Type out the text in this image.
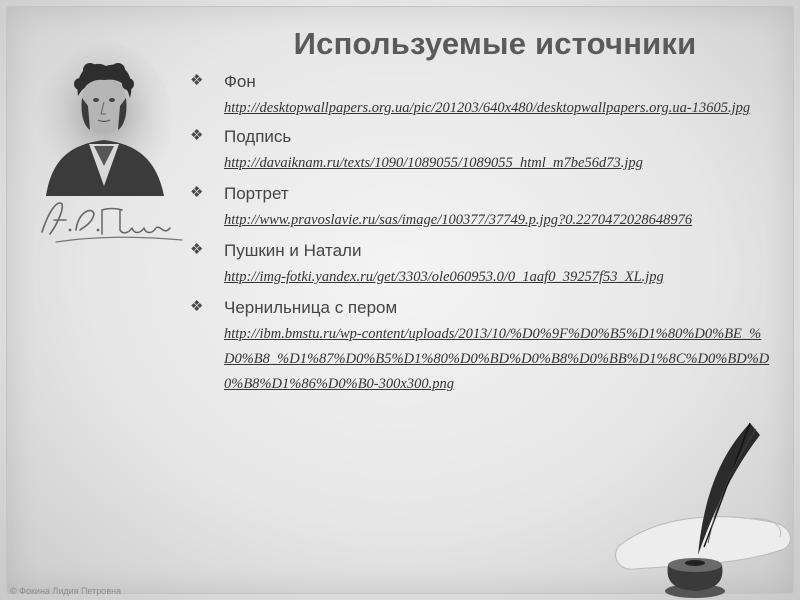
Используемые источники
❖ Фон
http://desktopwallpapers.org.ua/pic/201203/640x480/desktopwallpapers.org.ua-13605.jpg
❖ Подпись
http://davaiknam.ru/texts/1090/1089055/1089055_html_m7be56d73.jpg
❖ Портрет
http://www.pravoslavie.ru/sas/image/100377/37749.p.jpg?0.2270472028648976
❖ Пушкин и Натали
http://img-fotki.yandex.ru/get/3303/ole060953.0/0_1aaf0_39257f53_XL.jpg
❖ Чернильница с пером
http://ibm.bmstu.ru/wp-content/uploads/2013/10/%D0%9F%D0%B5%D1%80%D0%BE_%D0%B8_%D1%87%D0%B5%D1%80%D0%BD%D0%B8%D0%BB%D1%8C%D0%BD%D0%B8%D1%86%D0%B0-300x300.png
© Фокина Лидия Петровна
